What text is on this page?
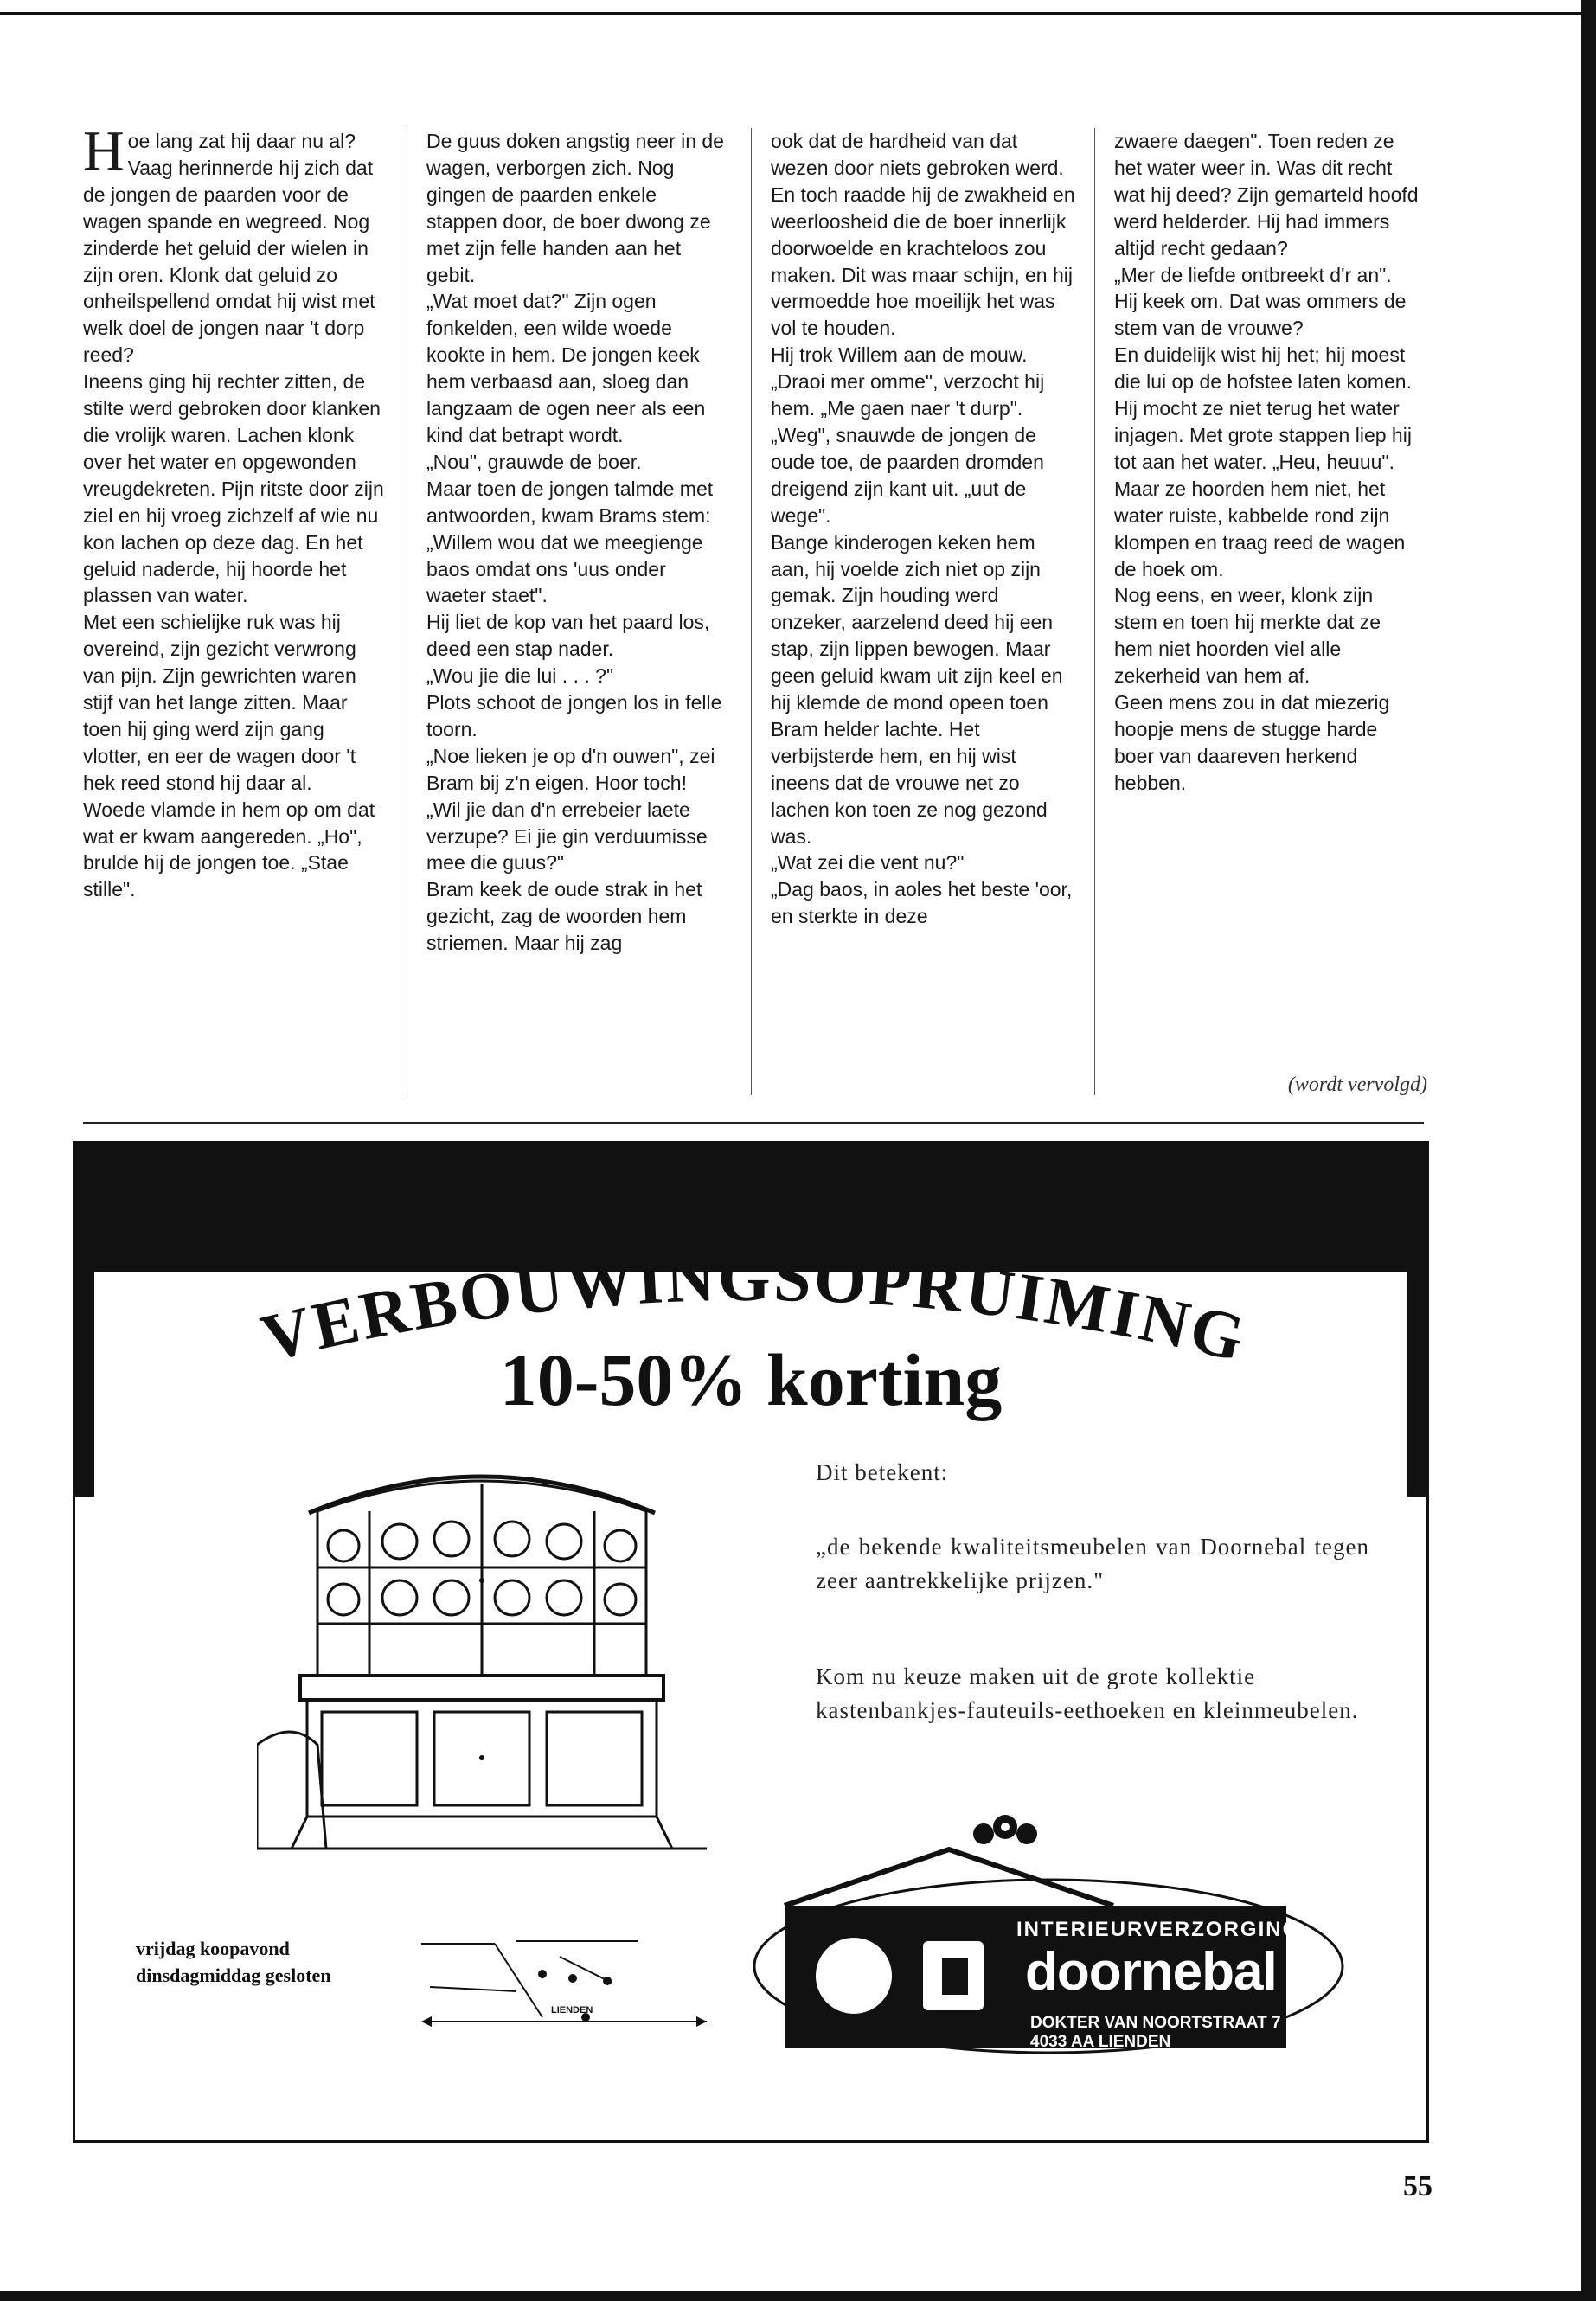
Hoe lang zat hij daar nu al? Vaag herinnerde hij zich dat de jongen de paarden voor de wagen spande en wegreed. Nog zinderde het geluid der wielen in zijn oren. Klonk dat geluid zo onheilspellend omdat hij wist met welk doel de jongen naar 't dorp reed?
Ineens ging hij rechter zitten, de stilte werd gebroken door klanken die vrolijk waren. Lachen klonk over het water en opgewonden vreugdekreten. Pijn ritste door zijn ziel en hij vroeg zichzelf af wie nu kon lachen op deze dag. En het geluid naderde, hij hoorde het plassen van water.
Met een schielijke ruk was hij overeind, zijn gezicht verwrong van pijn. Zijn gewrichten waren stijf van het lange zitten. Maar toen hij ging werd zijn gang vlotter, en eer de wagen door 't hek reed stond hij daar al.
Woede vlamde in hem op om dat wat er kwam aangereden. „Ho", brulde hij de jongen toe. „Stae stille".
De guus doken angstig neer in de wagen, verborgen zich. Nog gingen de paarden enkele stappen door, de boer dwong ze met zijn felle handen aan het gebit.
„Wat moet dat?" Zijn ogen fonkelden, een wilde woede kookte in hem. De jongen keek hem verbaasd aan, sloeg dan langzaam de ogen neer als een kind dat betrapt wordt.
„Nou", grauwde de boer.
Maar toen de jongen talmde met antwoorden, kwam Brams stem: „Willem wou dat we meegienge baos omdat ons 'uus onder waeter staet".
Hij liet de kop van het paard los, deed een stap nader.
„Wou jie die lui . . . ?"
Plots schoot de jongen los in felle toorn.
„Noe lieken je op d'n ouwen", zei Bram bij z'n eigen. Hoor toch!
„Wil jie dan d'n errebeier laete verzupe? Ei jie gin verduumisse mee die guus?"
Bram keek de oude strak in het gezicht, zag de woorden hem striemen. Maar hij zag
ook dat de hardheid van dat wezen door niets gebroken werd. En toch raadde hij de zwakheid en weerloosheid die de boer innerlijk doorwoelde en krachteloos zou maken. Dit was maar schijn, en hij vermoedde hoe moeilijk het was vol te houden.
Hij trok Willem aan de mouw. „Draoi mer omme", verzocht hij hem. „Me gaen naer 't durp".
„Weg", snauwde de jongen de oude toe, de paarden dromden dreigend zijn kant uit. „uut de wege".
Bange kinderogen keken hem aan, hij voelde zich niet op zijn gemak. Zijn houding werd onzeker, aarzelend deed hij een stap, zijn lippen bewogen. Maar geen geluid kwam uit zijn keel en hij klemde de mond opeen toen Bram helder lachte. Het verbijsterde hem, en hij wist ineens dat de vrouwe net zo lachen kon toen ze nog gezond was.
„Wat zei die vent nu?"
„Dag baos, in aoles het beste 'oor, en sterkte in deze
zwaere daegen". Toen reden ze het water weer in. Was dit recht wat hij deed? Zijn gemarteld hoofd werd helderder. Hij had immers altijd recht gedaan?
„Mer de liefde ontbreekt d'r an".
Hij keek om. Dat was ommers de stem van de vrouwe?
En duidelijk wist hij het; hij moest die lui op de hofstee laten komen. Hij mocht ze niet terug het water injagen. Met grote stappen liep hij tot aan het water. „Heu, heuuu".
Maar ze hoorden hem niet, het water ruiste, kabbelde rond zijn klompen en traag reed de wagen de hoek om.
Nog eens, en weer, klonk zijn stem en toen hij merkte dat ze hem niet hoorden viel alle zekerheid van hem af.
Geen mens zou in dat miezerig hoopje mens de stugge harde boer van daareven herkend hebben.
(wordt vervolgd)
VERBOUWINGSOPRUIMING
10-50% korting
Dit betekent:
„de bekende kwaliteitsmeubelen van Doornebal tegen zeer aantrekkelijke prijzen."
Kom nu keuze maken uit de grote kollektie kastenbankjes-fauteuils-eethoeken en kleinmeubelen.
vrijdag koopavond
dinsdagmiddag gesloten
LIENDEN
INTERIEURVERZORGING
doornebal
DOKTER VAN NOORTSTRAAT 7
4033 AA LIENDEN
TEL 03443 - 1245
55
